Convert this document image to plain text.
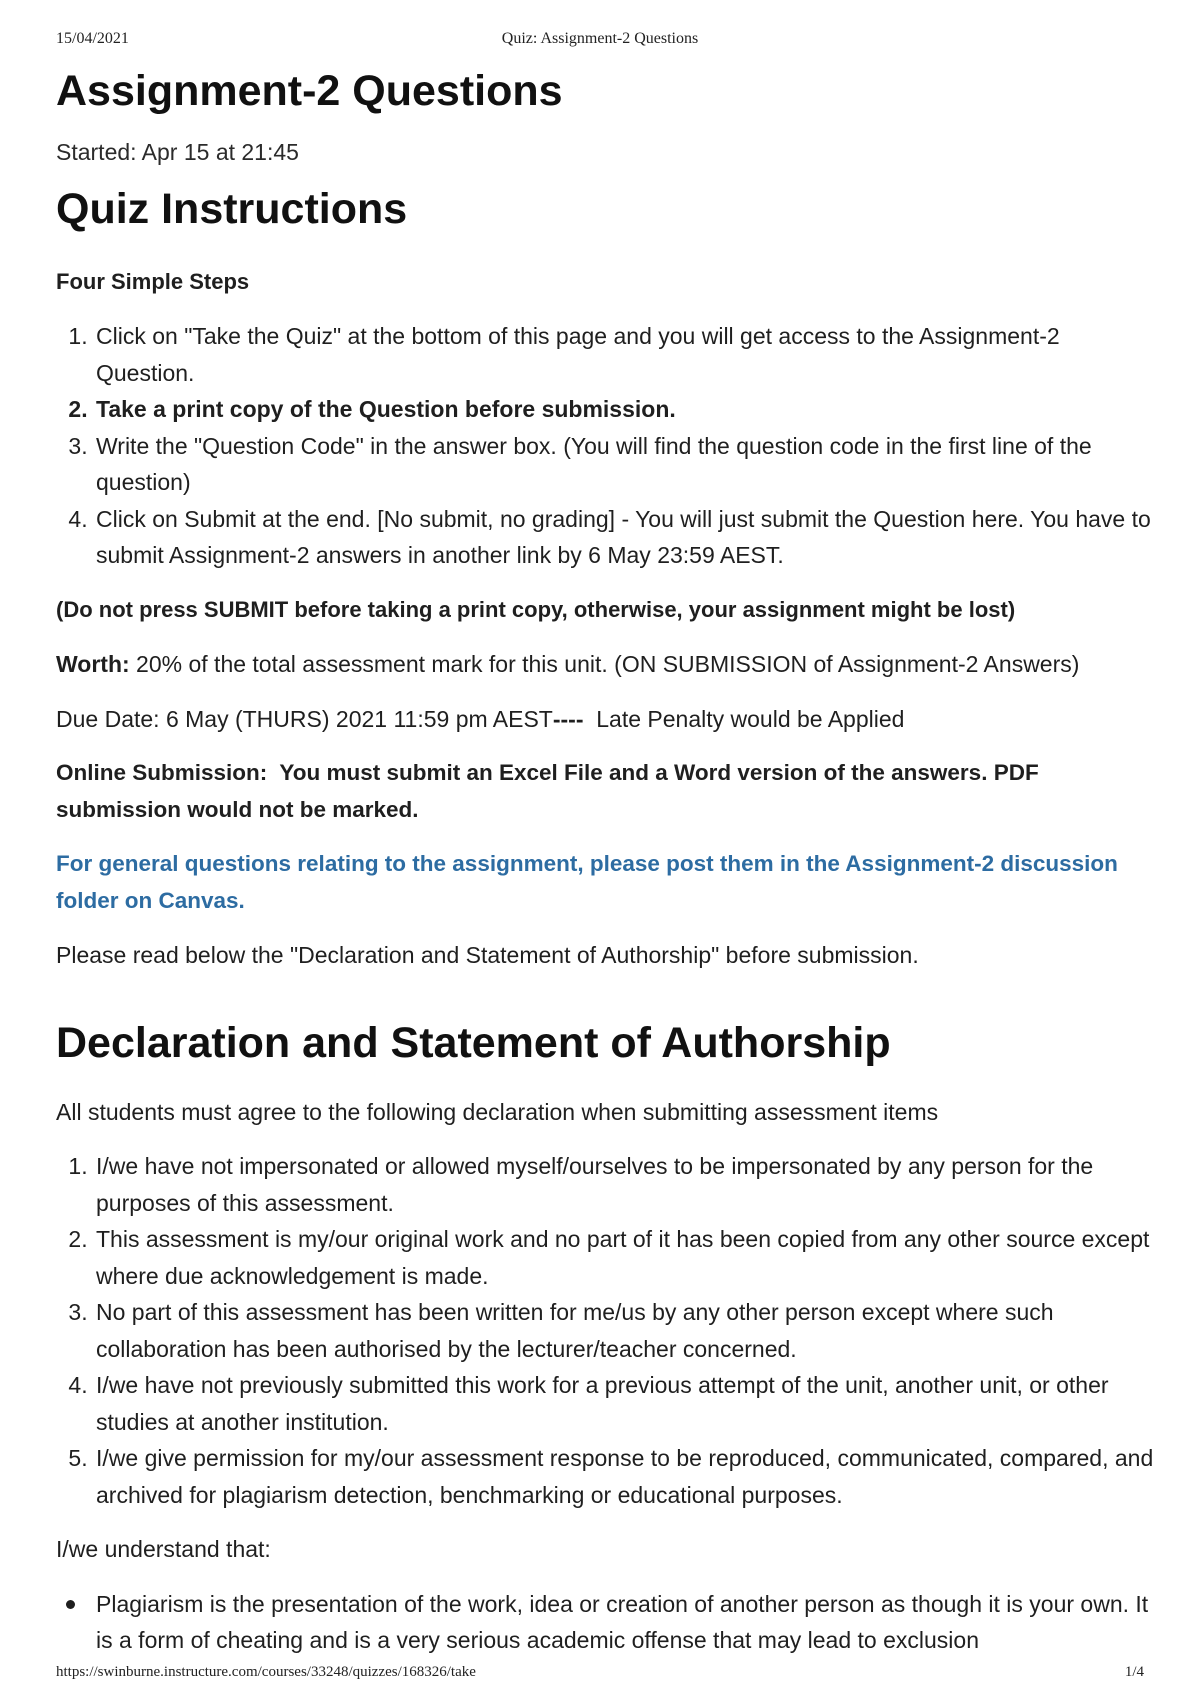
15/04/2021	Quiz: Assignment-2 Questions
Assignment-2 Questions
Started: Apr 15 at 21:45
Quiz Instructions
Four Simple Steps
1. Click on "Take the Quiz" at the bottom of this page and you will get access to the Assignment-2 Question.
2. Take a print copy of the Question before submission.
3. Write the "Question Code" in the answer box. (You will find the question code in the first line of the question)
4. Click on Submit at the end. [No submit, no grading] - You will just submit the Question here. You have to submit Assignment-2 answers in another link by 6 May 23:59 AEST.

(Do not press SUBMIT before taking a print copy, otherwise, your assignment might be lost)

Worth: 20% of the total assessment mark for this unit. (ON SUBMISSION of Assignment-2 Answers)

Due Date: 6 May (THURS) 2021 11:59 pm AEST----  Late Penalty would be Applied

Online Submission:  You must submit an Excel File and a Word version of the answers. PDF submission would not be marked.

For general questions relating to the assignment, please post them in the Assignment-2 discussion folder on Canvas.

Please read below the "Declaration and Statement of Authorship" before submission.

Declaration and Statement of Authorship

All students must agree to the following declaration when submitting assessment items

1. I/we have not impersonated or allowed myself/ourselves to be impersonated by any person for the purposes of this assessment.
2. This assessment is my/our original work and no part of it has been copied from any other source except where due acknowledgement is made.
3. No part of this assessment has been written for me/us by any other person except where such collaboration has been authorised by the lecturer/teacher concerned.
4. I/we have not previously submitted this work for a previous attempt of the unit, another unit, or other studies at another institution.
5. I/we give permission for my/our assessment response to be reproduced, communicated, compared, and archived for plagiarism detection, benchmarking or educational purposes.

I/we understand that:

Plagiarism is the presentation of the work, idea or creation of another person as though it is your own. It is a form of cheating and is a very serious academic offense that may lead to exclusion
https://swinburne.instructure.com/courses/33248/quizzes/168326/take	1/4
